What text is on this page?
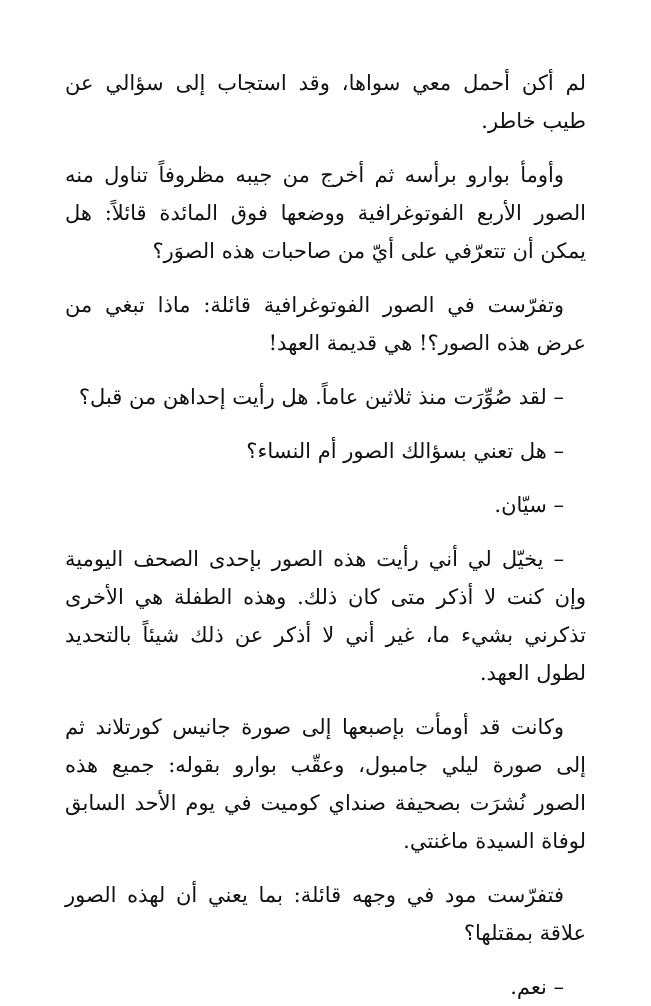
لم أكن أحمل معي سواها، وقد استجاب إلى سؤالي عن طيب خاطر.

وأومأ بوارو برأسه ثم أخرج من جيبه مظروفاً تناول منه الصور الأربع الفوتوغرافية ووضعها فوق المائدة قائلاً: هل يمكن أن تتعرّفي على أيّ من صاحبات هذه الصوَر؟

وتفرّست في الصور الفوتوغرافية قائلة: ماذا تبغي من عرض هذه الصور؟! هي قديمة العهد!

– لقد صُوِّرَت منذ ثلاثين عاماً. هل رأيت إحداهن من قبل؟

– هل تعني بسؤالك الصور أم النساء؟

– سيّان.

– يخيّل لي أني رأيت هذه الصور بإحدى الصحف اليومية وإن كنت لا أذكر متى كان ذلك. وهذه الطفلة هي الأخرى تذكرني بشيء ما، غير أني لا أذكر عن ذلك شيئاً بالتحديد لطول العهد.

وكانت قد أومأت بإصبعها إلى صورة جانيس كورتلاند ثم إلى صورة ليلي جامبول، وعقّب بوارو بقوله: جميع هذه الصور نُشرَت بصحيفة صنداي كوميت في يوم الأحد السابق لوفاة السيدة ماغنتي.

فتفرّست مود في وجهه قائلة: بما يعني أن لهذه الصور علاقة بمقتلها؟

– نعم.
